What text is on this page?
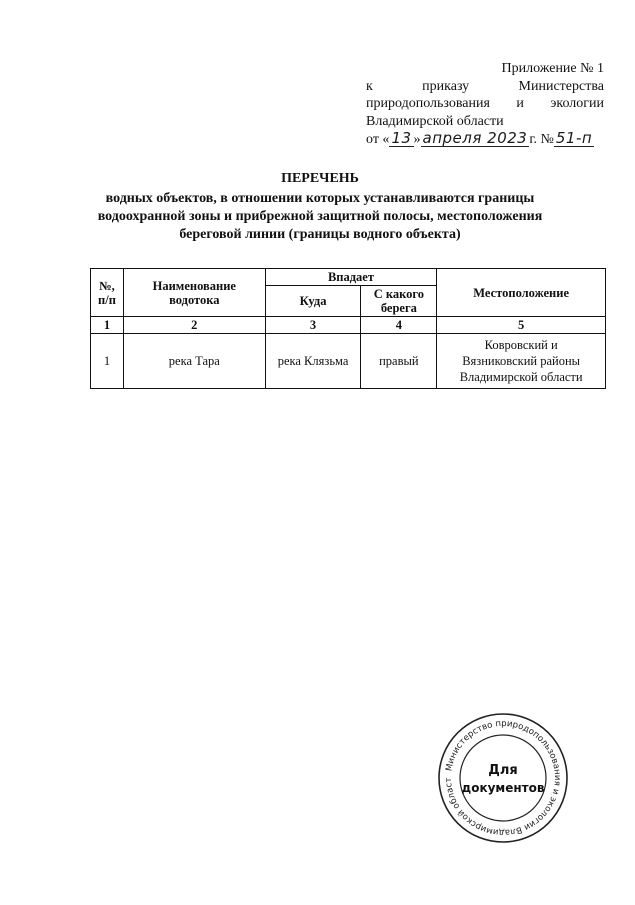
Приложение № 1
к	приказу	Министерства
природопользования и экологии
Владимирской области
от « 13 » апреля 2023 г. № 51-п
ПЕРЕЧЕНЬ
водных объектов, в отношении которых устанавливаются границы
водоохранной зоны и прибрежной защитной полосы, местоположения
береговой линии (границы водного объекта)
№, п/п	Наименование водотока	Впадает		Местоположение
		Куда	С какого берега	
1	2	3	4	5
1	река Тара	река Клязьма	правый	Ковровский и
Вязниковский районы
Владимирской области
Министерство природопользования и экологии Владимирской област
Для
документов
